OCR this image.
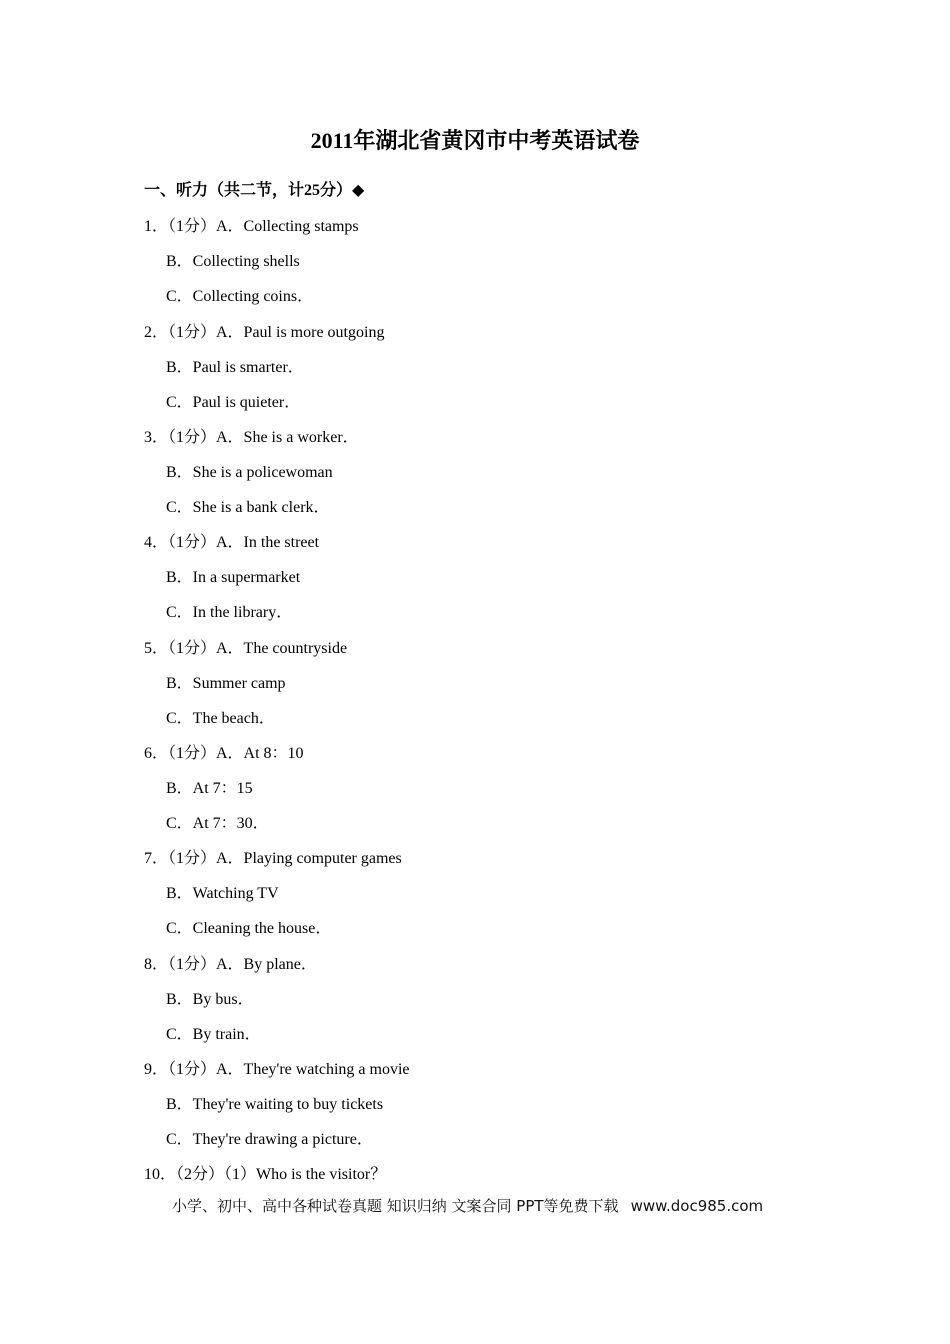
2011年湖北省黄冈市中考英语试卷
一、听力（共二节，计25分）◆
1．（1分）A．Collecting stamps
B．Collecting shells
C．Collecting coins．
2．（1分）A．Paul is more outgoing
B．Paul is smarter．
C．Paul is quieter．
3．（1分）A．She is a worker．
B．She is a policewoman
C．She is a bank clerk．
4．（1分）A．In the street
B．In a supermarket
C．In the library．
5．（1分）A．The countryside
B．Summer camp
C．The beach．
6．（1分）A．At 8：10
B．At 7：15
C．At 7：30．
7．（1分）A．Playing computer games
B．Watching TV
C．Cleaning the house．
8．（1分）A．By plane．
B．By bus．
C．By train．
9．（1分）A．They're watching a movie
B．They're waiting to buy tickets
C．They're drawing a picture．
10．（2分）（1）Who is the visitor？
小学、初中、高中各种试卷真题 知识归纳 文案合同 PPT等免费下载 www.doc985.com
